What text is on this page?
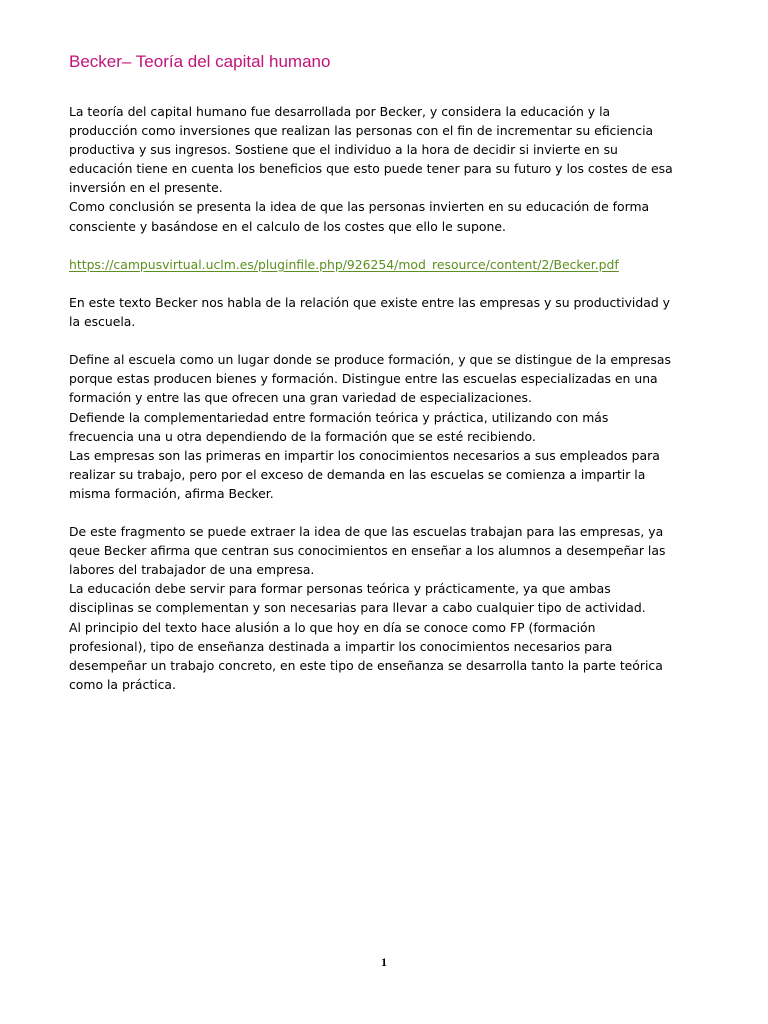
Becker– Teoría del capital humano

La teoría del capital humano fue desarrollada por Becker, y considera la educación y la
producción como inversiones que realizan las personas con el fin de incrementar su eficiencia
productiva y sus ingresos. Sostiene que el individuo a la hora de decidir si invierte en su
educación tiene en cuenta los beneficios que esto puede tener para su futuro y los costes de esa
inversión en el presente.
Como conclusión se presenta la idea de que las personas invierten en su educación de forma
consciente y basándose en el calculo de los costes que ello le supone.

https://campusvirtual.uclm.es/pluginfile.php/926254/mod_resource/content/2/Becker.pdf

En este texto Becker nos habla de la relación que existe entre las empresas y su productividad y
la escuela.

Define al escuela como un lugar donde se produce formación, y que se distingue de la empresas
porque estas producen bienes y formación. Distingue entre las escuelas especializadas en una
formación y entre las que ofrecen una gran variedad de especializaciones.
Defiende la complementariedad entre formación teórica y práctica, utilizando con más
frecuencia una u otra dependiendo de la formación que se esté recibiendo.
Las empresas son las primeras en impartir los conocimientos necesarios a sus empleados para
realizar su trabajo, pero por el exceso de demanda en las escuelas se comienza a impartir la
misma formación, afirma Becker.

De este fragmento se puede extraer la idea de que las escuelas trabajan para las empresas, ya
qeue Becker afirma que centran sus conocimientos en enseñar a los alumnos a desempeñar las
labores del trabajador de una empresa.
La educación debe servir para formar personas teórica y prácticamente, ya que ambas
disciplinas se complementan y son necesarias para llevar a cabo cualquier tipo de actividad.
Al principio del texto hace alusión a lo que hoy en día se conoce como FP (formación
profesional), tipo de enseñanza destinada a impartir los conocimientos necesarios para
desempeñar un trabajo concreto, en este tipo de enseñanza se desarrolla tanto la parte teórica
como la práctica.

1
